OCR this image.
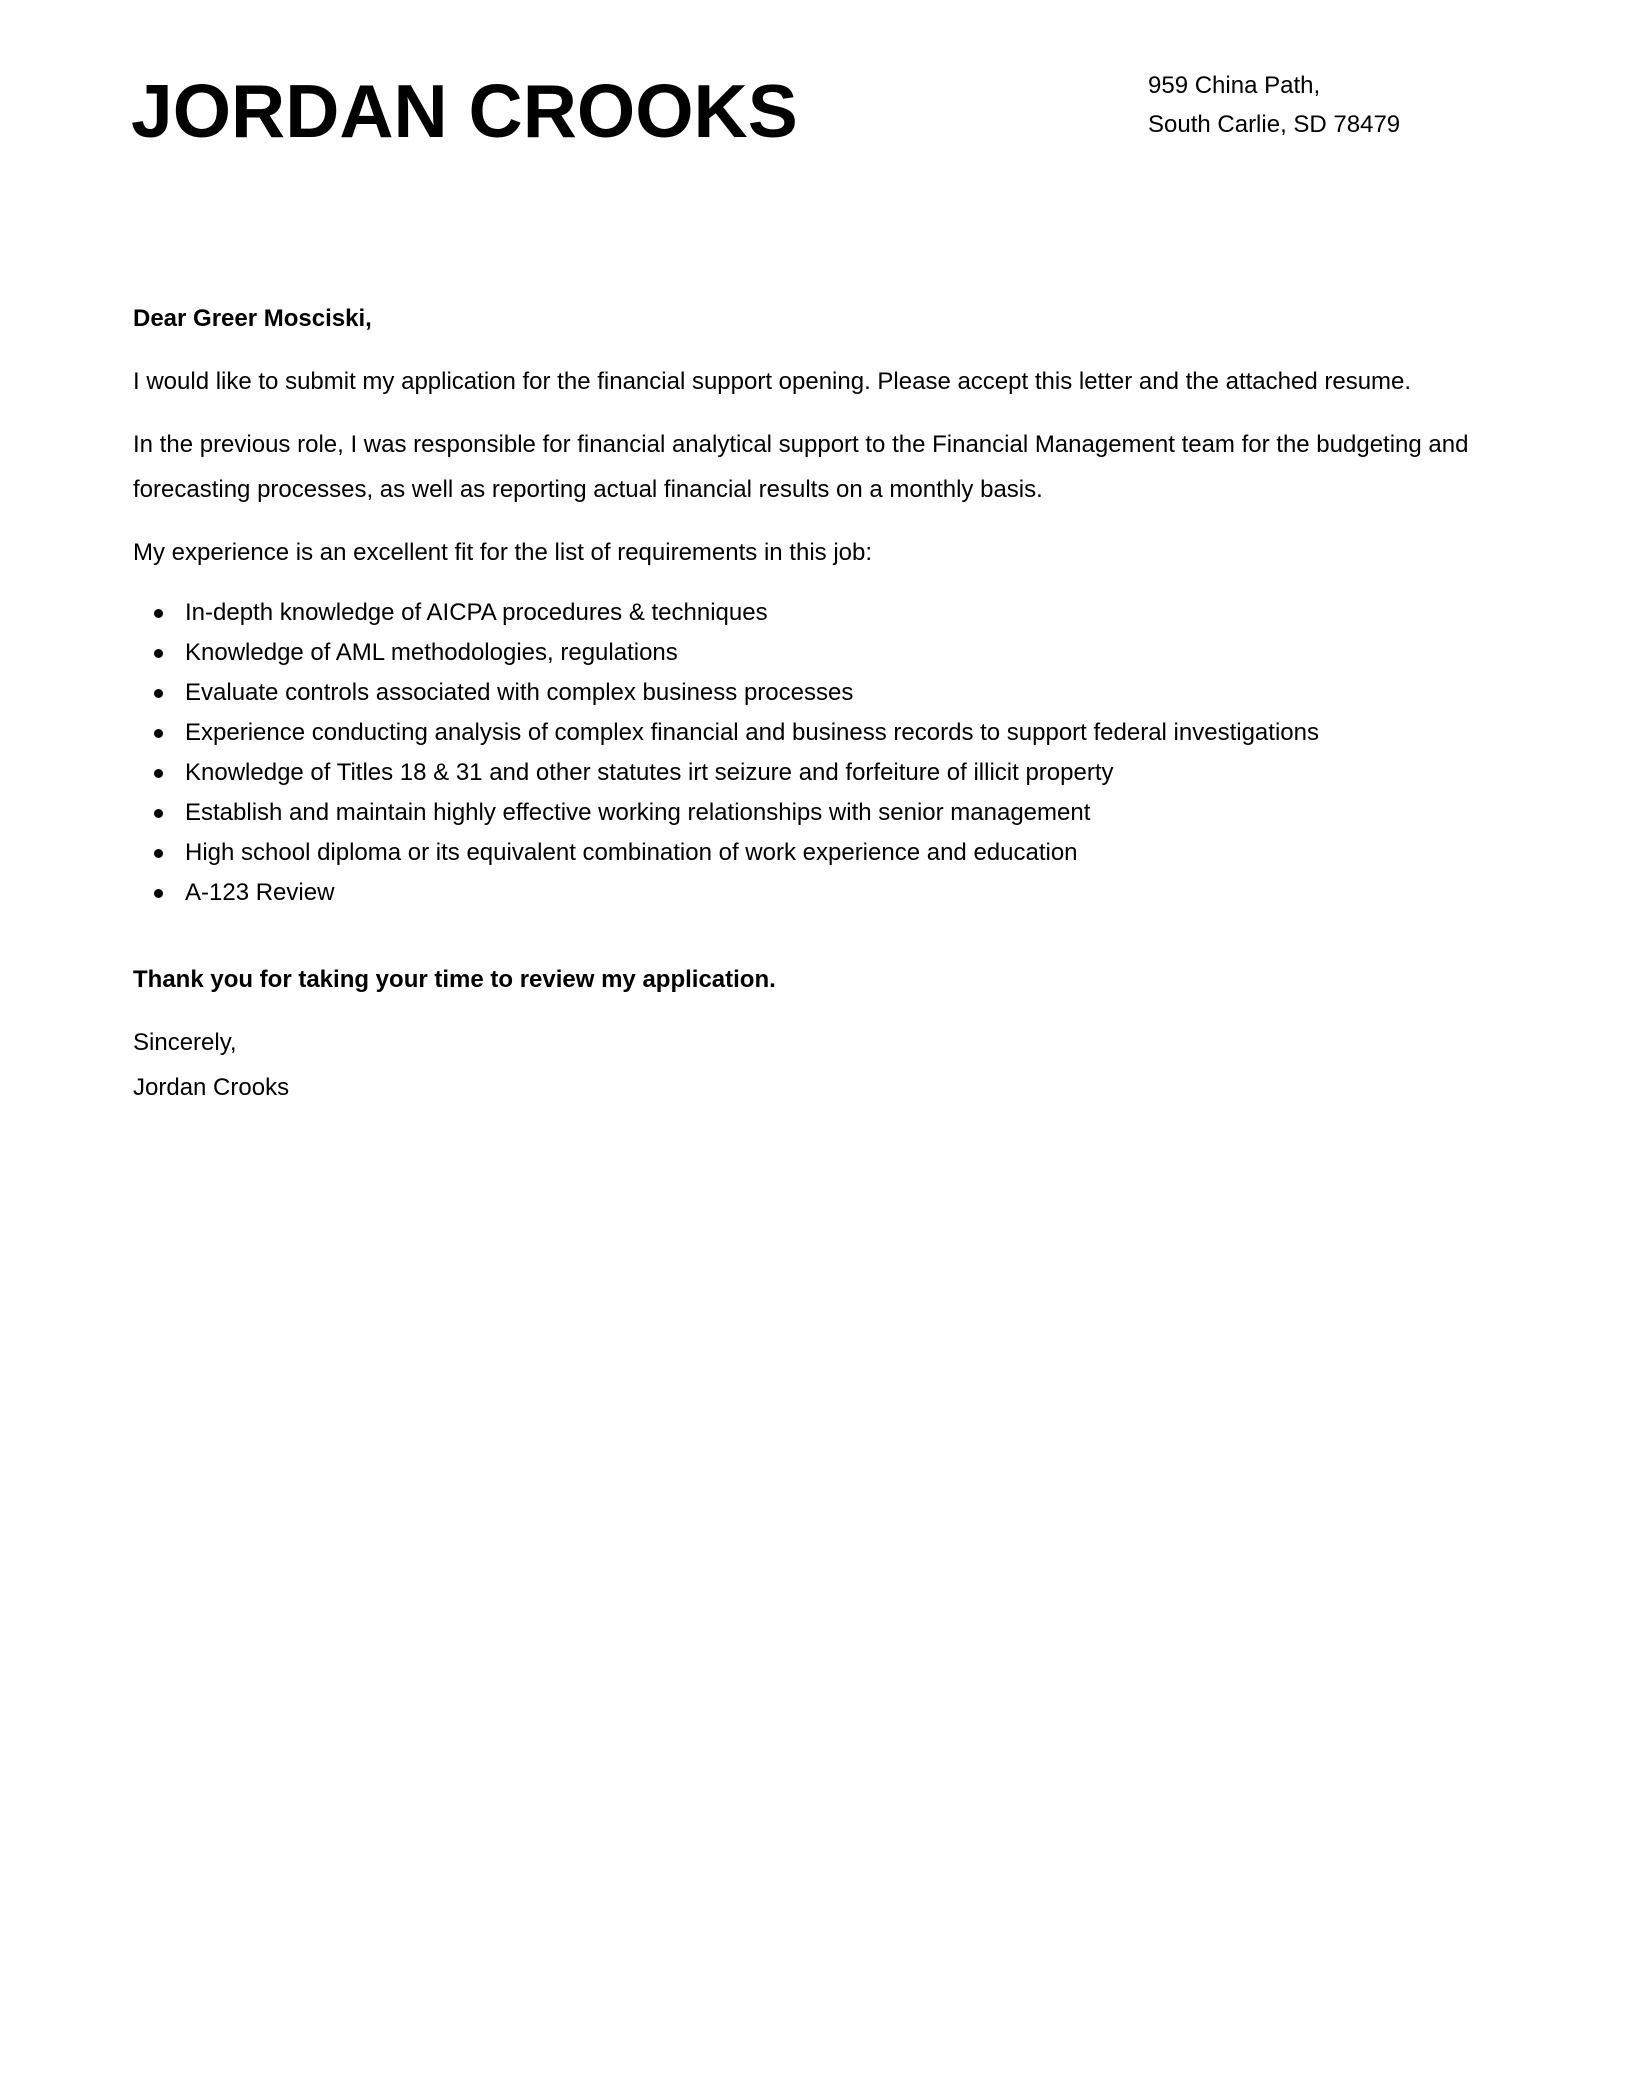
JORDAN CROOKS	959 China Path,
South Carlie, SD 78479
Dear Greer Mosciski,

I would like to submit my application for the financial support opening. Please accept this letter and the attached resume.

In the previous role, I was responsible for financial analytical support to the Financial Management team for the budgeting and forecasting processes, as well as reporting actual financial results on a monthly basis.

My experience is an excellent fit for the list of requirements in this job:

In-depth knowledge of AICPA procedures & techniques
Knowledge of AML methodologies, regulations
Evaluate controls associated with complex business processes
Experience conducting analysis of complex financial and business records to support federal investigations
Knowledge of Titles 18 & 31 and other statutes irt seizure and forfeiture of illicit property
Establish and maintain highly effective working relationships with senior management
High school diploma or its equivalent combination of work experience and education
A-123 Review

Thank you for taking your time to review my application.

Sincerely,
Jordan Crooks
